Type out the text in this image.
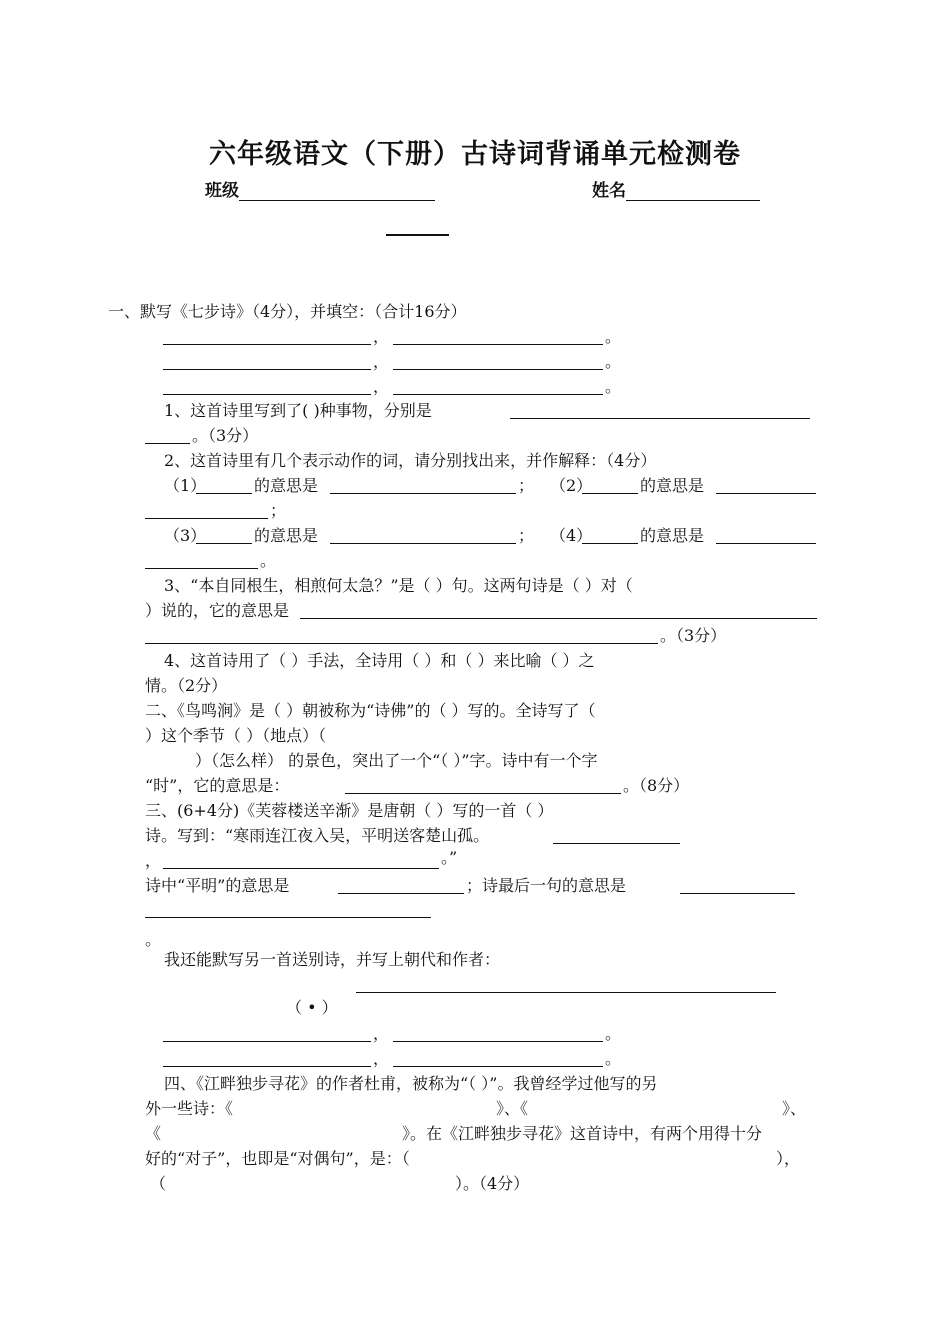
六年级语文（下册）古诗词背诵单元检测卷
班级	姓名
一、默写《七步诗》（4分），并填空：（合计16分）
，	。
，	。
，	。
1、这首诗里写到了( )种事物，分别是
。（3分）
2、这首诗里有几个表示动作的词，请分别找出来，并作解释：（4分）
（1）	的意思是	； （2）	的意思是
；
（3）	的意思是	； （4）	的意思是
。
3、“本自同根生，相煎何太急？”是（ ）句。这两句诗是（ ）对（
）说的，它的意思是
。（3分）
4、这首诗用了（ ）手法，全诗用（ ）和（ ）来比喻（ ）之
情。（2分）
二、《鸟鸣涧》是（ ）朝被称为“诗佛”的（ ）写的。全诗写了（
）这个季节（ ）（地点）（
）（怎么样） 的景色，突出了一个“（ ）”字。诗中有一个字
“时”，它的意思是：	。（8分）
三、(6+4分)《芙蓉楼送辛渐》是唐朝（ ）写的一首（ ）
诗。写到：“寒雨连江夜入吴，平明送客楚山孤。
，	。”
诗中“平明”的意思是	；诗最后一句的意思是
。
我还能默写另一首送别诗，并写上朝代和作者：
（ • ）
，	。
，	。
四、《江畔独步寻花》的作者杜甫，被称为“（ ）”。我曾经学过他写的另
外一些诗：《	》、《	》、
《	》。在《江畔独步寻花》这首诗中，有两个用得十分
好的“对子”，也即是“对偶句”，是：（	），
（	）。（4分）
